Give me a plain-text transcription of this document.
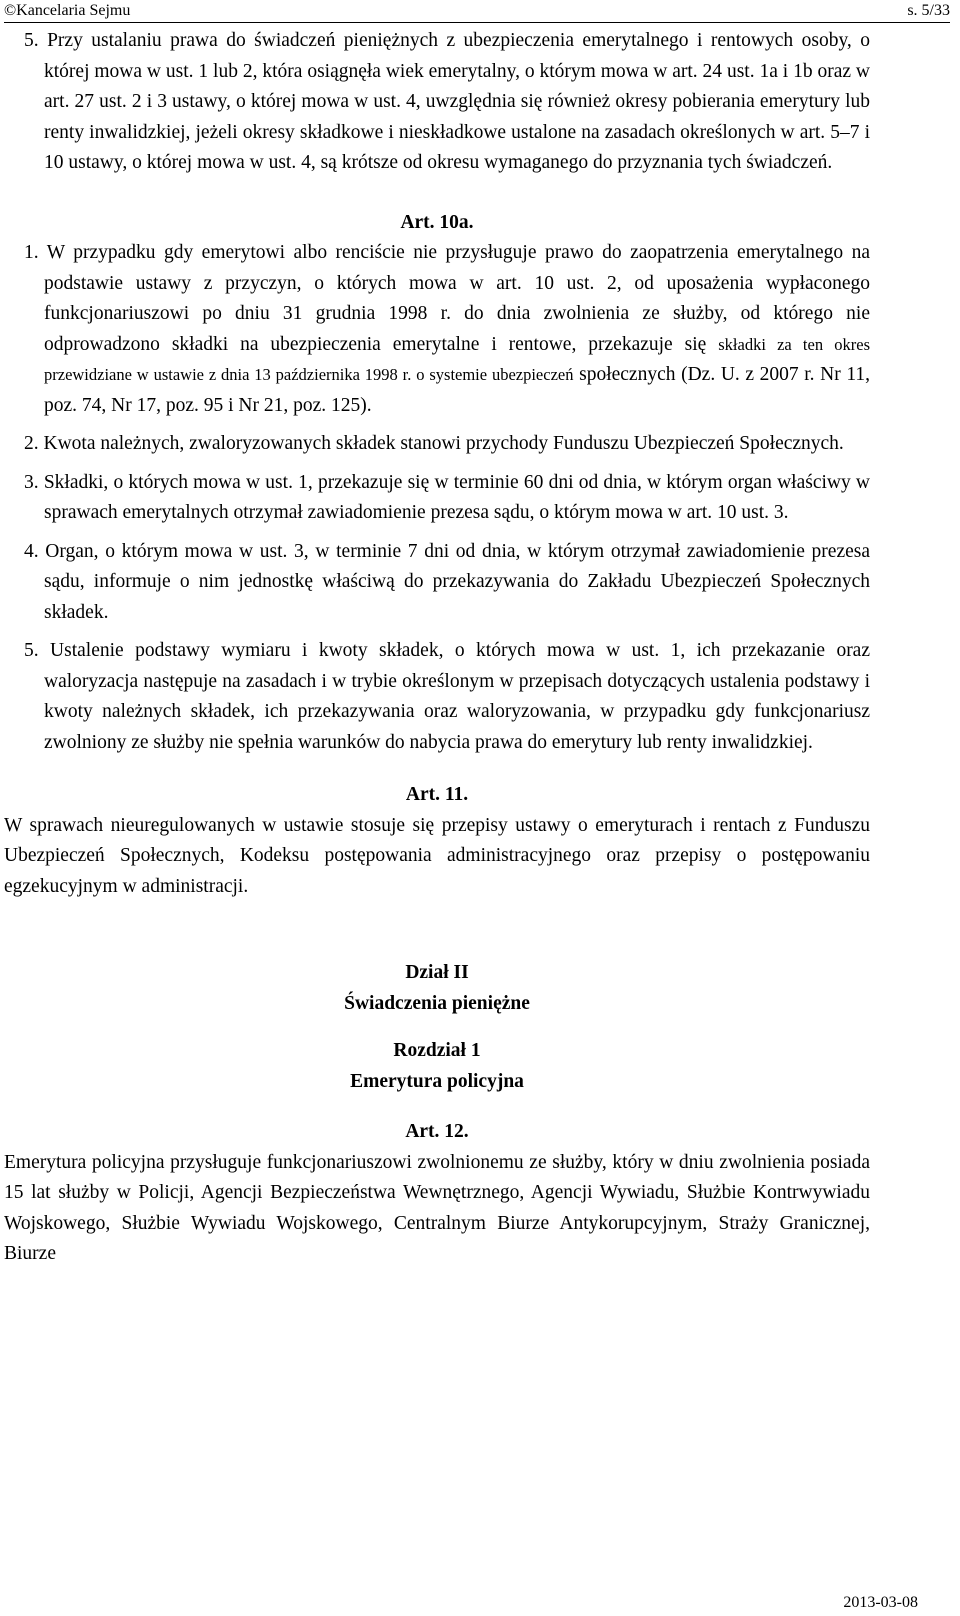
©Kancelaria Sejmu	s. 5/33

5. Przy ustalaniu prawa do świadczeń pieniężnych z ubezpieczenia emerytalnego i rentowych osoby, o której mowa w ust. 1 lub 2, która osiągnęła wiek emerytalny, o którym mowa w art. 24 ust. 1a i 1b oraz w art. 27 ust. 2 i 3 ustawy, o której mowa w ust. 4, uwzględnia się również okresy pobierania emerytury lub renty inwalidzkiej, jeżeli okresy składkowe i nieskładkowe ustalone na zasadach określonych w art. 5–7 i 10 ustawy, o której mowa w ust. 4, są krótsze od okresu wymaganego do przyznania tych świadczeń.

Art. 10a.

1. W przypadku gdy emerytowi albo renciście nie przysługuje prawo do zaopatrzenia emerytalnego na podstawie ustawy z przyczyn, o których mowa w art. 10 ust. 2, od uposażenia wypłaconego funkcjonariuszowi po dniu 31 grudnia 1998 r. do dnia zwolnienia ze służby, od którego nie odprowadzono składki na ubezpieczenia emerytalne i rentowe, przekazuje się składki za ten okres przewidziane w ustawie z dnia 13 października 1998 r. o systemie ubezpieczeń społecznych (Dz. U. z 2007 r. Nr 11, poz. 74, Nr 17, poz. 95 i Nr 21, poz. 125).

2. Kwota należnych, zwaloryzowanych składek stanowi przychody Funduszu Ubezpieczeń Społecznych.

3. Składki, o których mowa w ust. 1, przekazuje się w terminie 60 dni od dnia, w którym organ właściwy w sprawach emerytalnych otrzymał zawiadomienie prezesa sądu, o którym mowa w art. 10 ust. 3.

4. Organ, o którym mowa w ust. 3, w terminie 7 dni od dnia, w którym otrzymał zawiadomienie prezesa sądu, informuje o nim jednostkę właściwą do przekazywania do Zakładu Ubezpieczeń Społecznych składek.

5. Ustalenie podstawy wymiaru i kwoty składek, o których mowa w ust. 1, ich przekazanie oraz waloryzacja następuje na zasadach i w trybie określonym w przepisach dotyczących ustalenia podstawy i kwoty należnych składek, ich przekazywania oraz waloryzowania, w przypadku gdy funkcjonariusz zwolniony ze służby nie spełnia warunków do nabycia prawa do emerytury lub renty inwalidzkiej.

Art. 11.

W sprawach nieuregulowanych w ustawie stosuje się przepisy ustawy o emeryturach i rentach z Funduszu Ubezpieczeń Społecznych, Kodeksu postępowania administracyjnego oraz przepisy o postępowaniu egzekucyjnym w administracji.

Dział II

Świadczenia pieniężne

Rozdział 1

Emerytura policyjna

Art. 12.

Emerytura policyjna przysługuje funkcjonariuszowi zwolnionemu ze służby, który w dniu zwolnienia posiada 15 lat służby w Policji, Agencji Bezpieczeństwa Wewnętrznego, Agencji Wywiadu, Służbie Kontrwywiadu Wojskowego, Służbie Wywiadu Wojskowego, Centralnym Biurze Antykorupcyjnym, Straży Granicznej, Biurze

2013-03-08
